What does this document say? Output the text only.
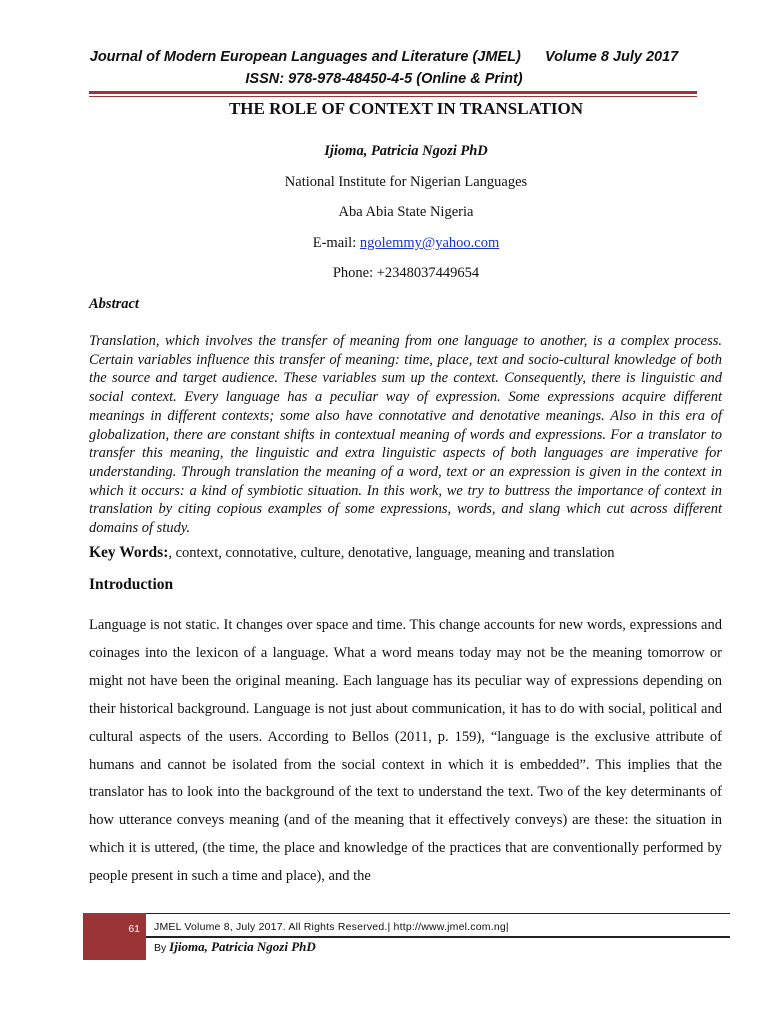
Journal of Modern European Languages and Literature (JMEL)      Volume 8 July 2017
ISSN: 978-978-48450-4-5 (Online & Print)
THE ROLE OF CONTEXT IN TRANSLATION
Ijioma, Patricia Ngozi PhD
National Institute for Nigerian Languages
Aba Abia State Nigeria
E-mail: ngolemmy@yahoo.com
Phone: +2348037449654
Abstract
Translation, which involves the transfer of meaning from one language to another, is a complex process. Certain variables influence this transfer of meaning: time, place, text and socio-cultural knowledge of both the source and target audience. These variables sum up the context. Consequently, there is linguistic and social context. Every language has a peculiar way of expression. Some expressions acquire different meanings in different contexts; some also have connotative and denotative meanings. Also in this era of globalization, there are constant shifts in contextual meaning of words and expressions. For a translator to transfer this meaning, the linguistic and extra linguistic aspects of both languages are imperative for understanding. Through translation the meaning of a word, text or an expression is given in the context in which it occurs: a kind of symbiotic situation. In this work, we try to buttress the importance of context in translation by citing copious examples of some expressions, words, and slang which cut across different domains of study.
Key Words:, context, connotative, culture, denotative, language, meaning and translation
Introduction
Language is not static. It changes over space and time. This change accounts for new words, expressions and coinages into the lexicon of a language. What a word means today may not be the meaning tomorrow or might not have been the original meaning. Each language has its peculiar way of expressions depending on their historical background. Language is not just about communication, it has to do with social, political and cultural aspects of the users. According to Bellos (2011, p. 159), “language is the exclusive attribute of humans and cannot be isolated from the social context in which it is embedded”. This implies that the translator has to look into the background of the text to understand the text. Two of the key determinants of how utterance conveys meaning (and of the meaning that it effectively conveys) are these: the situation in which it is uttered, (the time, the place and knowledge of the practices that are conventionally performed by people present in such a time and place), and the
61	JMEL Volume 8, July 2017. All Rights Reserved.| http://www.jmel.com.ng|
By Ijioma, Patricia Ngozi PhD
